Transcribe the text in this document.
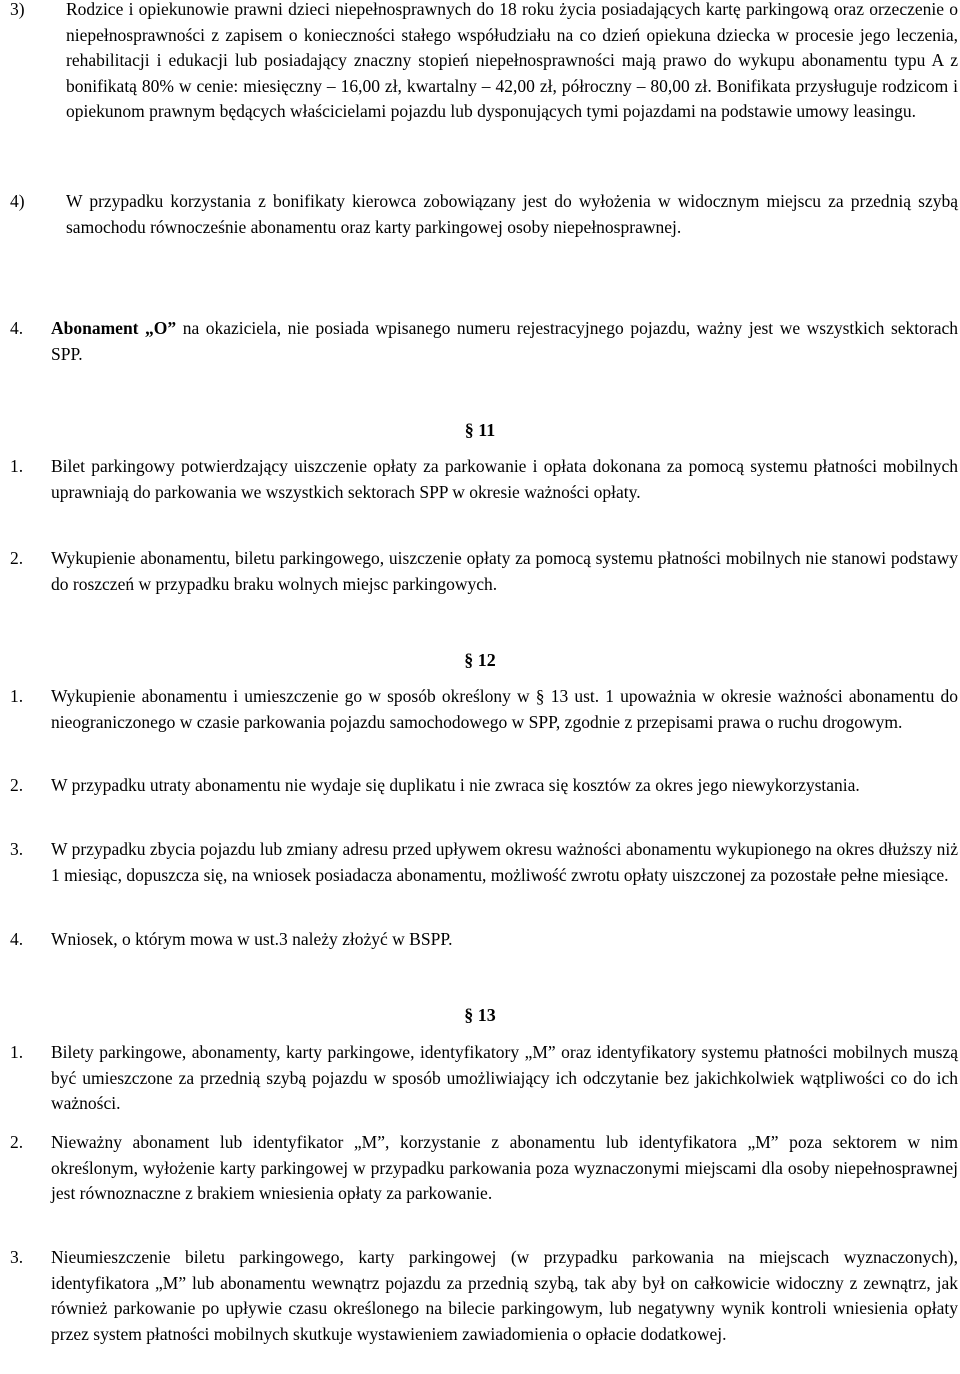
3) Rodzice i opiekunowie prawni dzieci niepełnosprawnych do 18 roku życia posiadających kartę parkingową oraz orzeczenie o niepełnosprawności z zapisem o konieczności stałego współudziału na co dzień opiekuna dziecka w procesie jego leczenia, rehabilitacji i edukacji lub posiadający znaczny stopień niepełnosprawności mają prawo do wykupu abonamentu typu A z bonifikatą 80% w cenie: miesięczny – 16,00 zł, kwartalny – 42,00 zł, półroczny – 80,00 zł. Bonifikata przysługuje rodzicom i opiekunom prawnym będących właścicielami pojazdu lub dysponujących tymi pojazdami na podstawie umowy leasingu.
4) W przypadku korzystania z bonifikaty kierowca zobowiązany jest do wyłożenia w widocznym miejscu za przednią szybą samochodu równocześnie abonamentu oraz karty parkingowej osoby niepełnosprawnej.
4.	Abonament „O” na okaziciela, nie posiada wpisanego numeru rejestracyjnego pojazdu, ważny jest we wszystkich sektorach SPP.
§ 11
1.	Bilet parkingowy potwierdzający uiszczenie opłaty za parkowanie i opłata dokonana za pomocą systemu płatności mobilnych uprawniają do parkowania we wszystkich sektorach SPP w okresie ważności opłaty.
2.	Wykupienie abonamentu, biletu parkingowego, uiszczenie opłaty za pomocą systemu płatności mobilnych nie stanowi podstawy do roszczeń w przypadku braku wolnych miejsc parkingowych.
§ 12
1.	Wykupienie abonamentu i umieszczenie go w sposób określony w § 13 ust. 1 upoważnia w okresie ważności abonamentu do nieograniczonego w czasie parkowania pojazdu samochodowego w SPP, zgodnie z przepisami prawa o ruchu drogowym.
2.	W przypadku utraty abonamentu nie wydaje się duplikatu i nie zwraca się kosztów za okres jego niewykorzystania.
3.	W przypadku zbycia pojazdu lub zmiany adresu przed upływem okresu ważności abonamentu wykupionego na okres dłuższy niż 1 miesiąc, dopuszcza się, na wniosek posiadacza abonamentu, możliwość zwrotu opłaty uiszczonej za pozostałe pełne miesiące.
4.	Wniosek, o którym mowa w ust.3 należy złożyć w BSPP.
§ 13
1.	Bilety parkingowe, abonamenty, karty parkingowe, identyfikatory „M” oraz identyfikatory systemu płatności mobilnych muszą być umieszczone za przednią szybą pojazdu w sposób umożliwiający ich odczytanie bez jakichkolwiek wątpliwości co do ich ważności.
2.	Nieważny abonament lub identyfikator „M”, korzystanie z abonamentu lub identyfikatora „M” poza sektorem w nim określonym, wyłożenie karty parkingowej w przypadku parkowania poza wyznaczonymi miejscami dla osoby niepełnosprawnej jest równoznaczne z brakiem wniesienia opłaty za parkowanie.
3.	Nieumieszczenie biletu parkingowego, karty parkingowej (w przypadku parkowania na miejscach wyznaczonych), identyfikatora „M” lub abonamentu wewnątrz pojazdu za przednią szybą, tak aby był on całkowicie widoczny z zewnątrz, jak również parkowanie po upływie czasu określonego na bilecie parkingowym, lub negatywny wynik kontroli wniesienia opłaty przez system płatności mobilnych skutkuje wystawieniem zawiadomienia o opłacie dodatkowej.
